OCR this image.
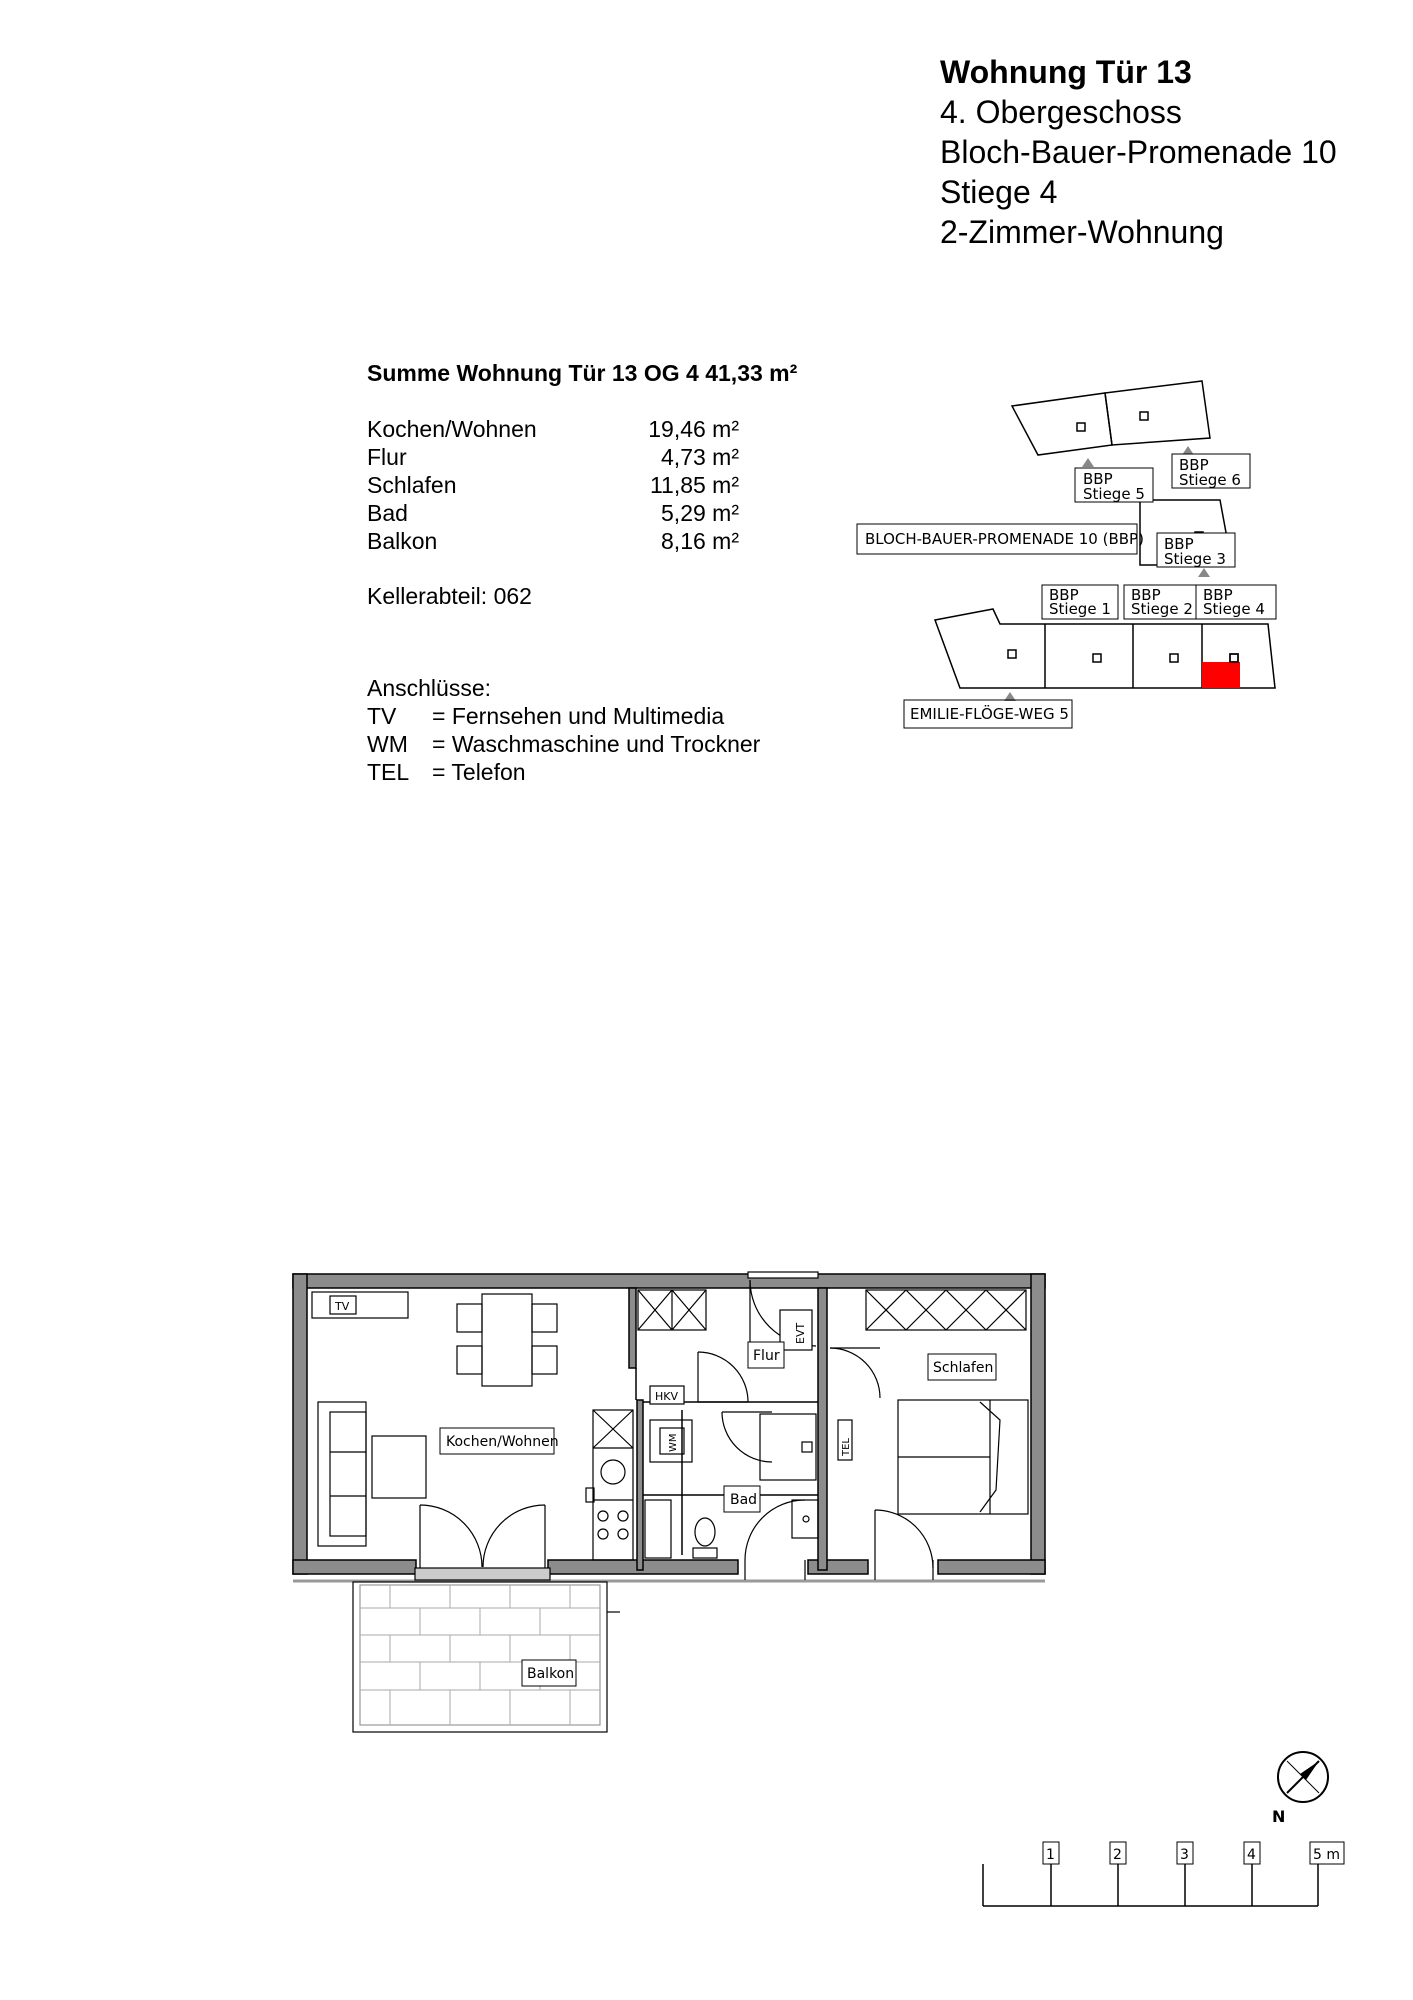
Wohnung Tür 13
4. Obergeschoss
Bloch-Bauer-Promenade 10
Stiege 4
2-Zimmer-Wohnung
Summe Wohnung Tür 13 OG 4 41,33 m²
Kochen/Wohnen	19,46 m²
Flur	4,73 m²
Schlafen	11,85 m²
Bad	5,29 m²
Balkon	8,16 m²
Kellerabteil: 062
Anschlüsse:
TV = Fernsehen und Multimedia
WM = Waschmaschine und Trockner
TEL = Telefon
BLOCH-BAUER-PROMENADE 10 (BBP)
EMILIE-FLÖGE-WEG 5
BBP
Stiege 5
BBP
Stiege 6
BBP
Stiege 3
BBP
Stiege 1
BBP
Stiege 2
BBP
Stiege 4
TV
EVT
HKV
WM	TEL
Kochen/Wohnen
Flur
Bad
Schlafen
Balkon
N
1	2	3	4	5 m
